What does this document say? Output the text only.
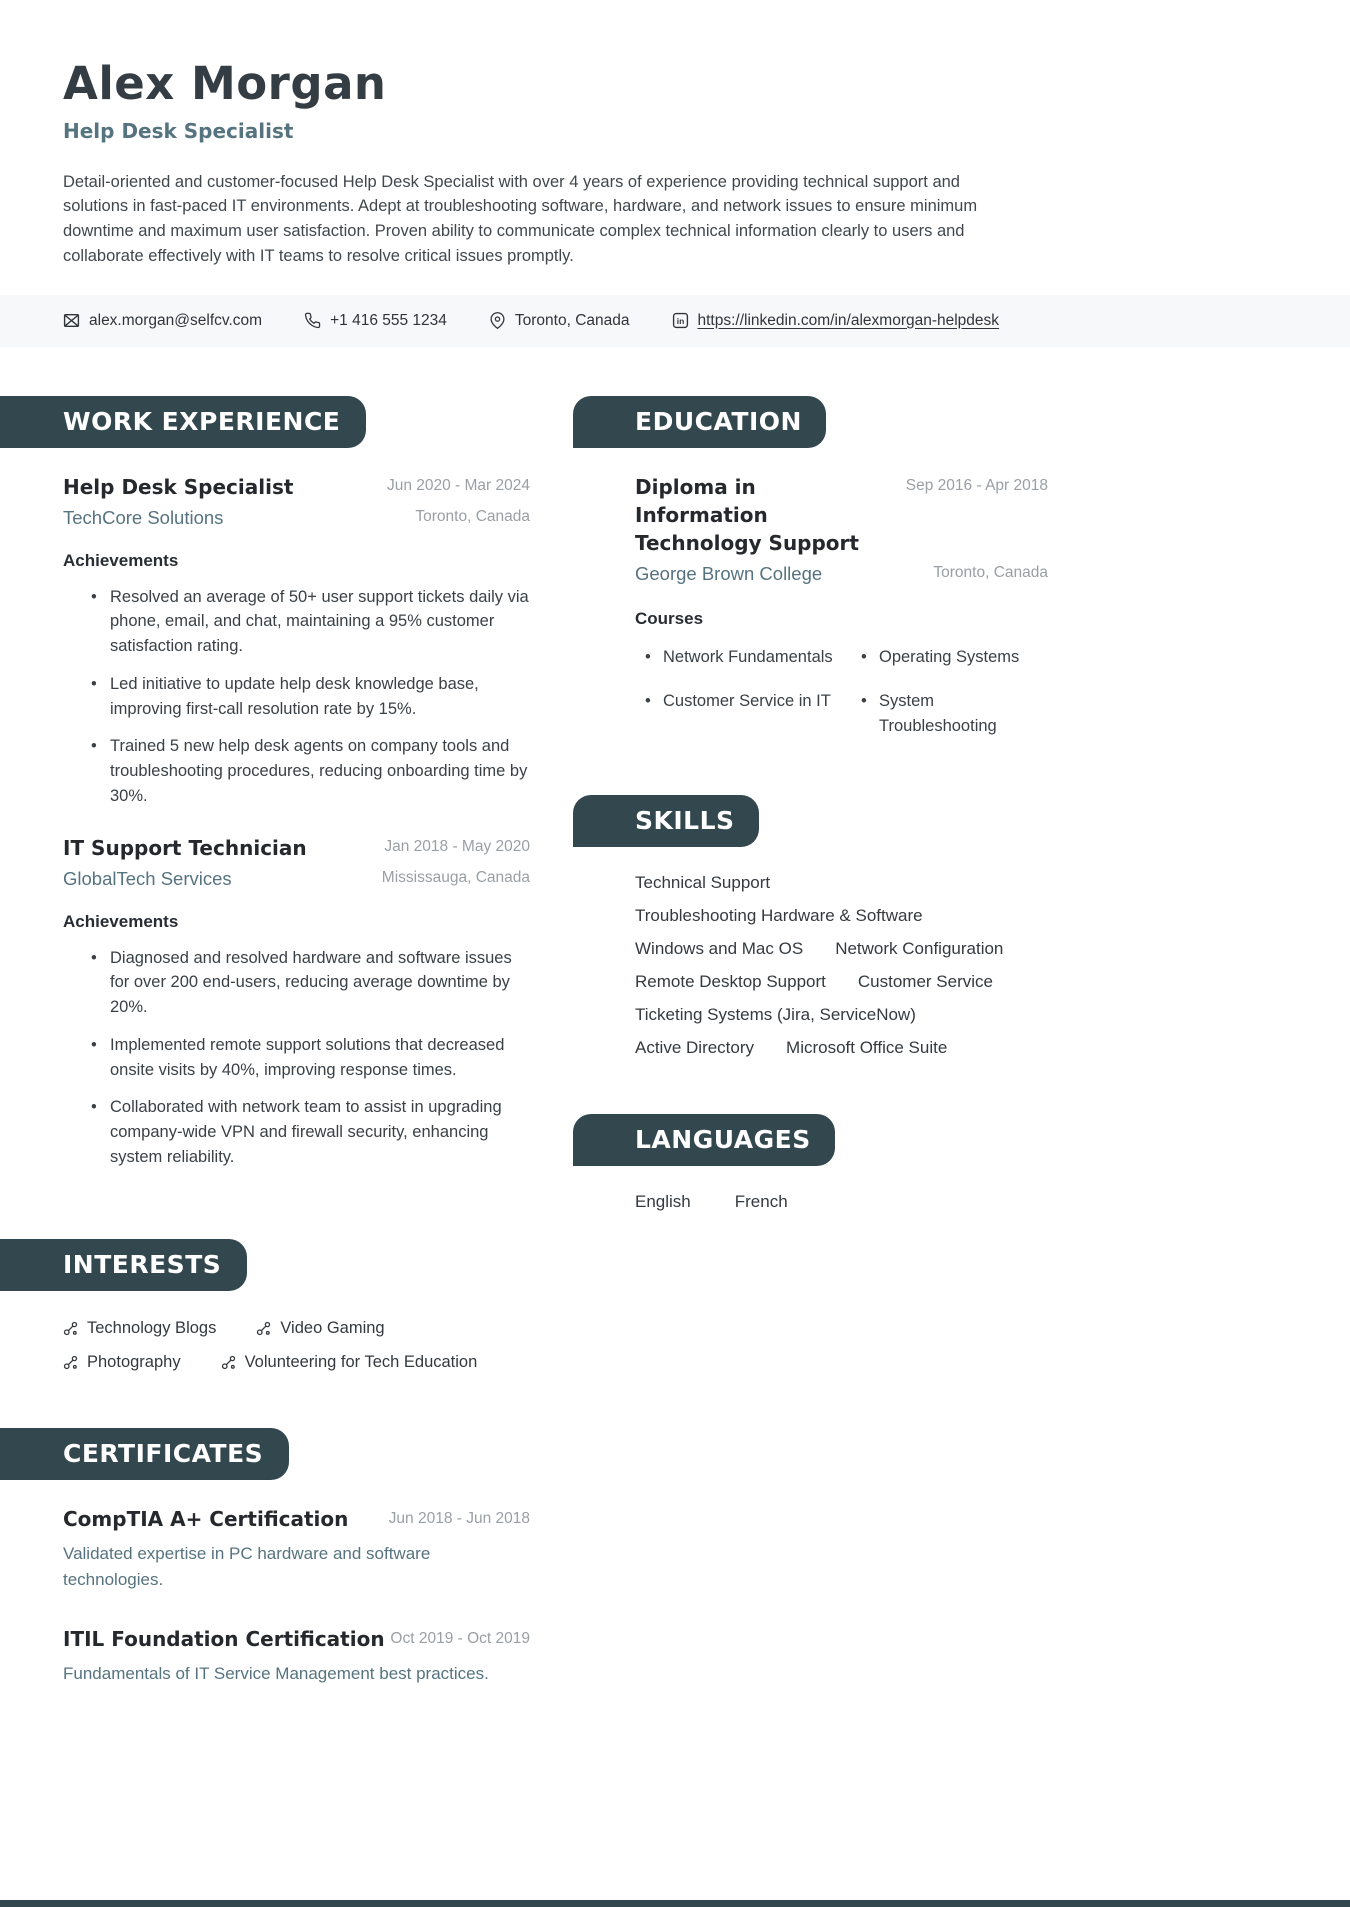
Alex Morgan
Help Desk Specialist

Detail-oriented and customer-focused Help Desk Specialist with over 4 years of experience providing technical support and solutions in fast-paced IT environments. Adept at troubleshooting software, hardware, and network issues to ensure minimum downtime and maximum user satisfaction. Proven ability to communicate complex technical information clearly to users and collaborate effectively with IT teams to resolve critical issues promptly.

alex.morgan@selfcv.com	+1 416 555 1234	Toronto, Canada	in https://linkedin.com/in/alexmorgan-helpdesk
WORK EXPERIENCE
Help Desk Specialist
TechCore Solutions
Jun 2020 - Mar 2024
Toronto, Canada
Achievements
• Resolved an average of 50+ user support tickets daily via phone, email, and chat, maintaining a 95% customer satisfaction rating.
• Led initiative to update help desk knowledge base, improving first-call resolution rate by 15%.
• Trained 5 new help desk agents on company tools and troubleshooting procedures, reducing onboarding time by 30%.
IT Support Technician
GlobalTech Services
Jan 2018 - May 2020
Mississauga, Canada
Achievements
• Diagnosed and resolved hardware and software issues for over 200 end-users, reducing average downtime by 20%.
• Implemented remote support solutions that decreased onsite visits by 40%, improving response times.
• Collaborated with network team to assist in upgrading company-wide VPN and firewall security, enhancing system reliability.
INTERESTS
Technology Blogs	Video Gaming
Photography	Volunteering for Tech Education
CERTIFICATES
CompTIA A+ Certification	Jun 2018 - Jun 2018

Validated expertise in PC hardware and software technologies.

ITIL Foundation Certification Oct 2019 - Oct 2019

Fundamentals of IT Service Management best practices.

EDUCATION
Diploma in Information Technology Support
George Brown College
Sep 2016 - Apr 2018
Toronto, Canada
Courses
• Network Fundamentals	• Operating Systems
• Customer Service in IT	• System Troubleshooting
SKILLS
Technical Support
Troubleshooting Hardware & Software
Windows and Mac OS Network Configuration
Remote Desktop Support Customer Service
Ticketing Systems (Jira, ServiceNow)
Active Directory Microsoft Office Suite
LANGUAGES
English	French
